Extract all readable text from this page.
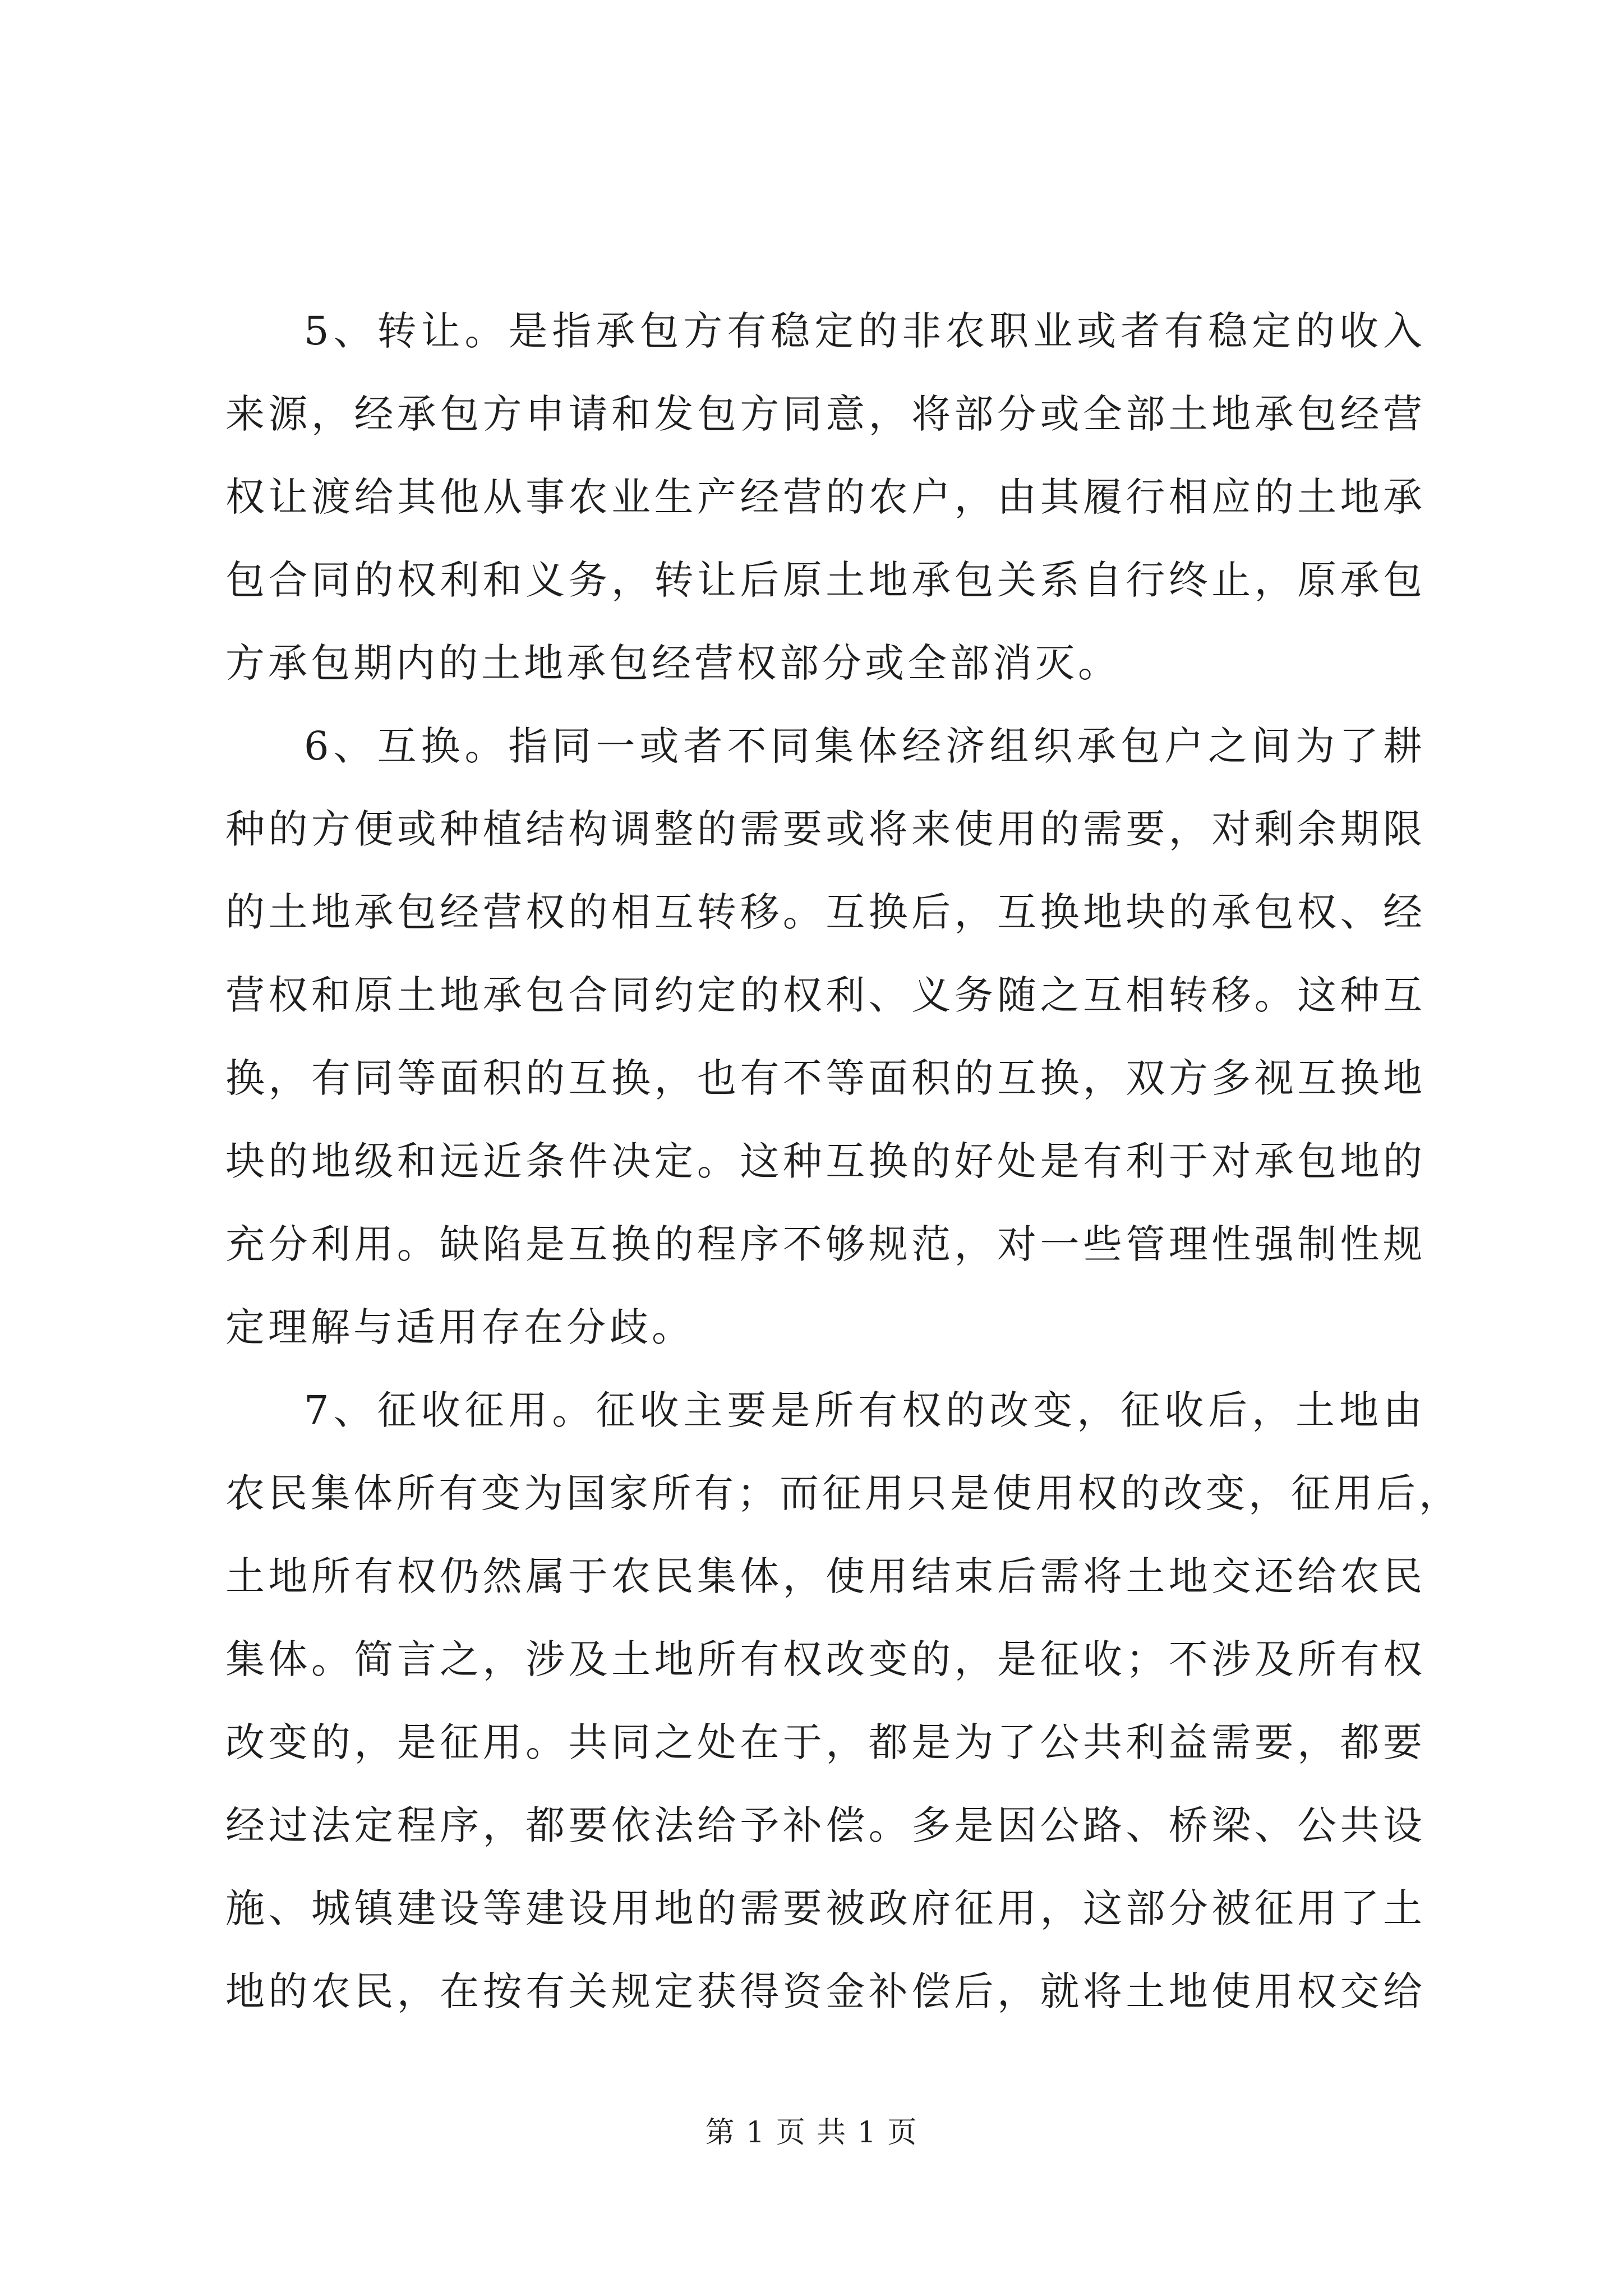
5、转让。是指承包方有稳定的非农职业或者有稳定的收入
来源，经承包方申请和发包方同意，将部分或全部土地承包经营
权让渡给其他从事农业生产经营的农户，由其履行相应的土地承
包合同的权利和义务，转让后原土地承包关系自行终止，原承包
方承包期内的土地承包经营权部分或全部消灭。
6、互换。指同一或者不同集体经济组织承包户之间为了耕
种的方便或种植结构调整的需要或将来使用的需要，对剩余期限
的土地承包经营权的相互转移。互换后，互换地块的承包权、经
营权和原土地承包合同约定的权利、义务随之互相转移。这种互
换，有同等面积的互换，也有不等面积的互换，双方多视互换地
块的地级和远近条件决定。这种互换的好处是有利于对承包地的
充分利用。缺陷是互换的程序不够规范，对一些管理性强制性规
定理解与适用存在分歧。
7、征收征用。征收主要是所有权的改变，征收后，土地由
农民集体所有变为国家所有；而征用只是使用权的改变，征用后，
土地所有权仍然属于农民集体，使用结束后需将土地交还给农民
集体。简言之，涉及土地所有权改变的，是征收；不涉及所有权
改变的，是征用。共同之处在于，都是为了公共利益需要，都要
经过法定程序，都要依法给予补偿。多是因公路、桥梁、公共设
施、城镇建设等建设用地的需要被政府征用，这部分被征用了土
地的农民，在按有关规定获得资金补偿后，就将土地使用权交给
第 1 页 共 1 页
